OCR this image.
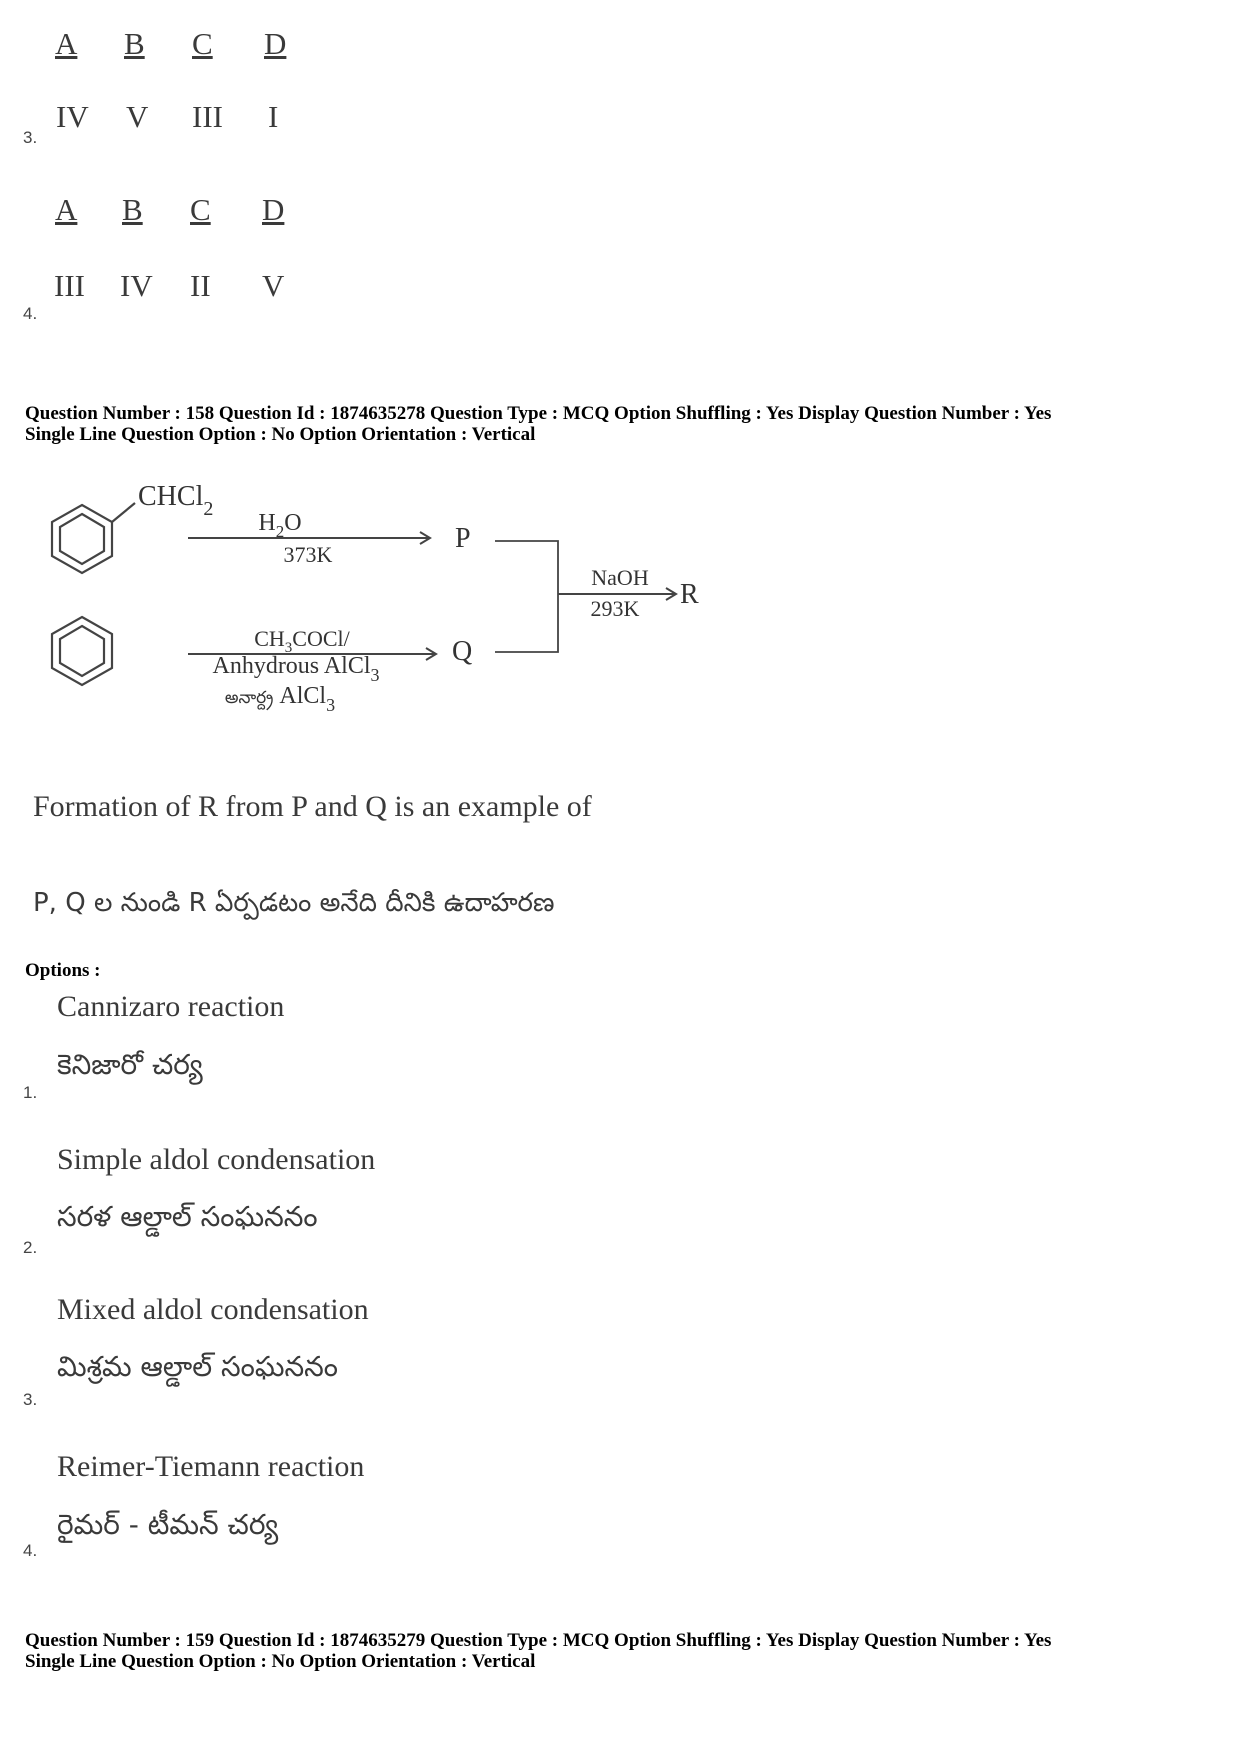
A B C D
IV V III I
3.
A B C D
III IV II V
4.
Question Number : 158 Question Id : 1874635278 Question Type : MCQ Option Shuffling : Yes Display Question Number : Yes
Single Line Question Option : No Option Orientation : Vertical
CHCl$_2$
$H_2O$
373K
P
$CH_3COCl/$
Anhydrous AlCl$_3$
అనార్ద్ర AlCl$_3$
Q
NaOH
293K R
Formation of R from P and Q is an example of
P, Q ల నుండి R ఏర్పడటం అనేది దీనికి ఉదాహరణ
Options :
Cannizaro reaction
కెనిజారో చర్య
1.
Simple aldol condensation
సరళ ఆల్డాల్ సంఘననం
2.
Mixed aldol condensation
మిశ్రమ ఆల్డాల్ సంఘననం
3.
Reimer-Tiemann reaction
రైమర్ - టీమన్ చర్య
4.
Question Number : 159 Question Id : 1874635279 Question Type : MCQ Option Shuffling : Yes Display Question Number : Yes
Single Line Question Option : No Option Orientation : Vertical
